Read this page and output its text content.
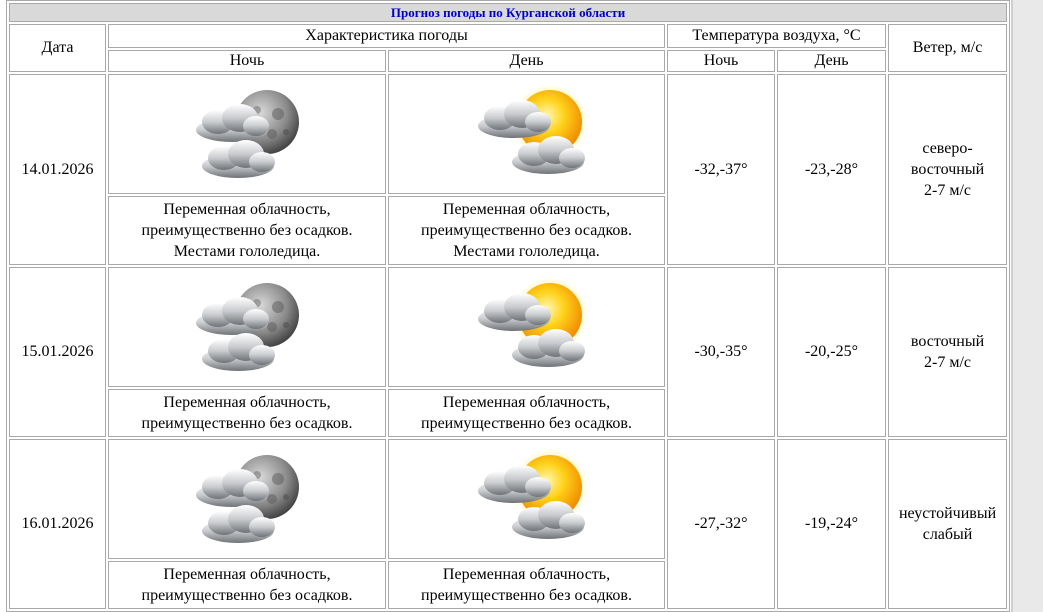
Прогноз погоды по Курганской области					
Дата	Характеристика погоды		Температура воздуха, °С		Ветер, м/с
	Ночь	День	Ночь	День	
14.01.2026			-32,-37°	-23,-28°	северо-
восточный
2-7 м/с
	Переменная облачность,
преимущественно без осадков.
Местами гололедица.	Переменная облачность,
преимущественно без осадков.
Местами гололедица.			
15.01.2026			-30,-35°	-20,-25°	восточный
2-7 м/с
	Переменная облачность,
преимущественно без осадков.	Переменная облачность,
преимущественно без осадков.			
16.01.2026			-27,-32°	-19,-24°	неустойчивый
слабый
	Переменная облачность,
преимущественно без осадков.	Переменная облачность,
преимущественно без осадков.			
